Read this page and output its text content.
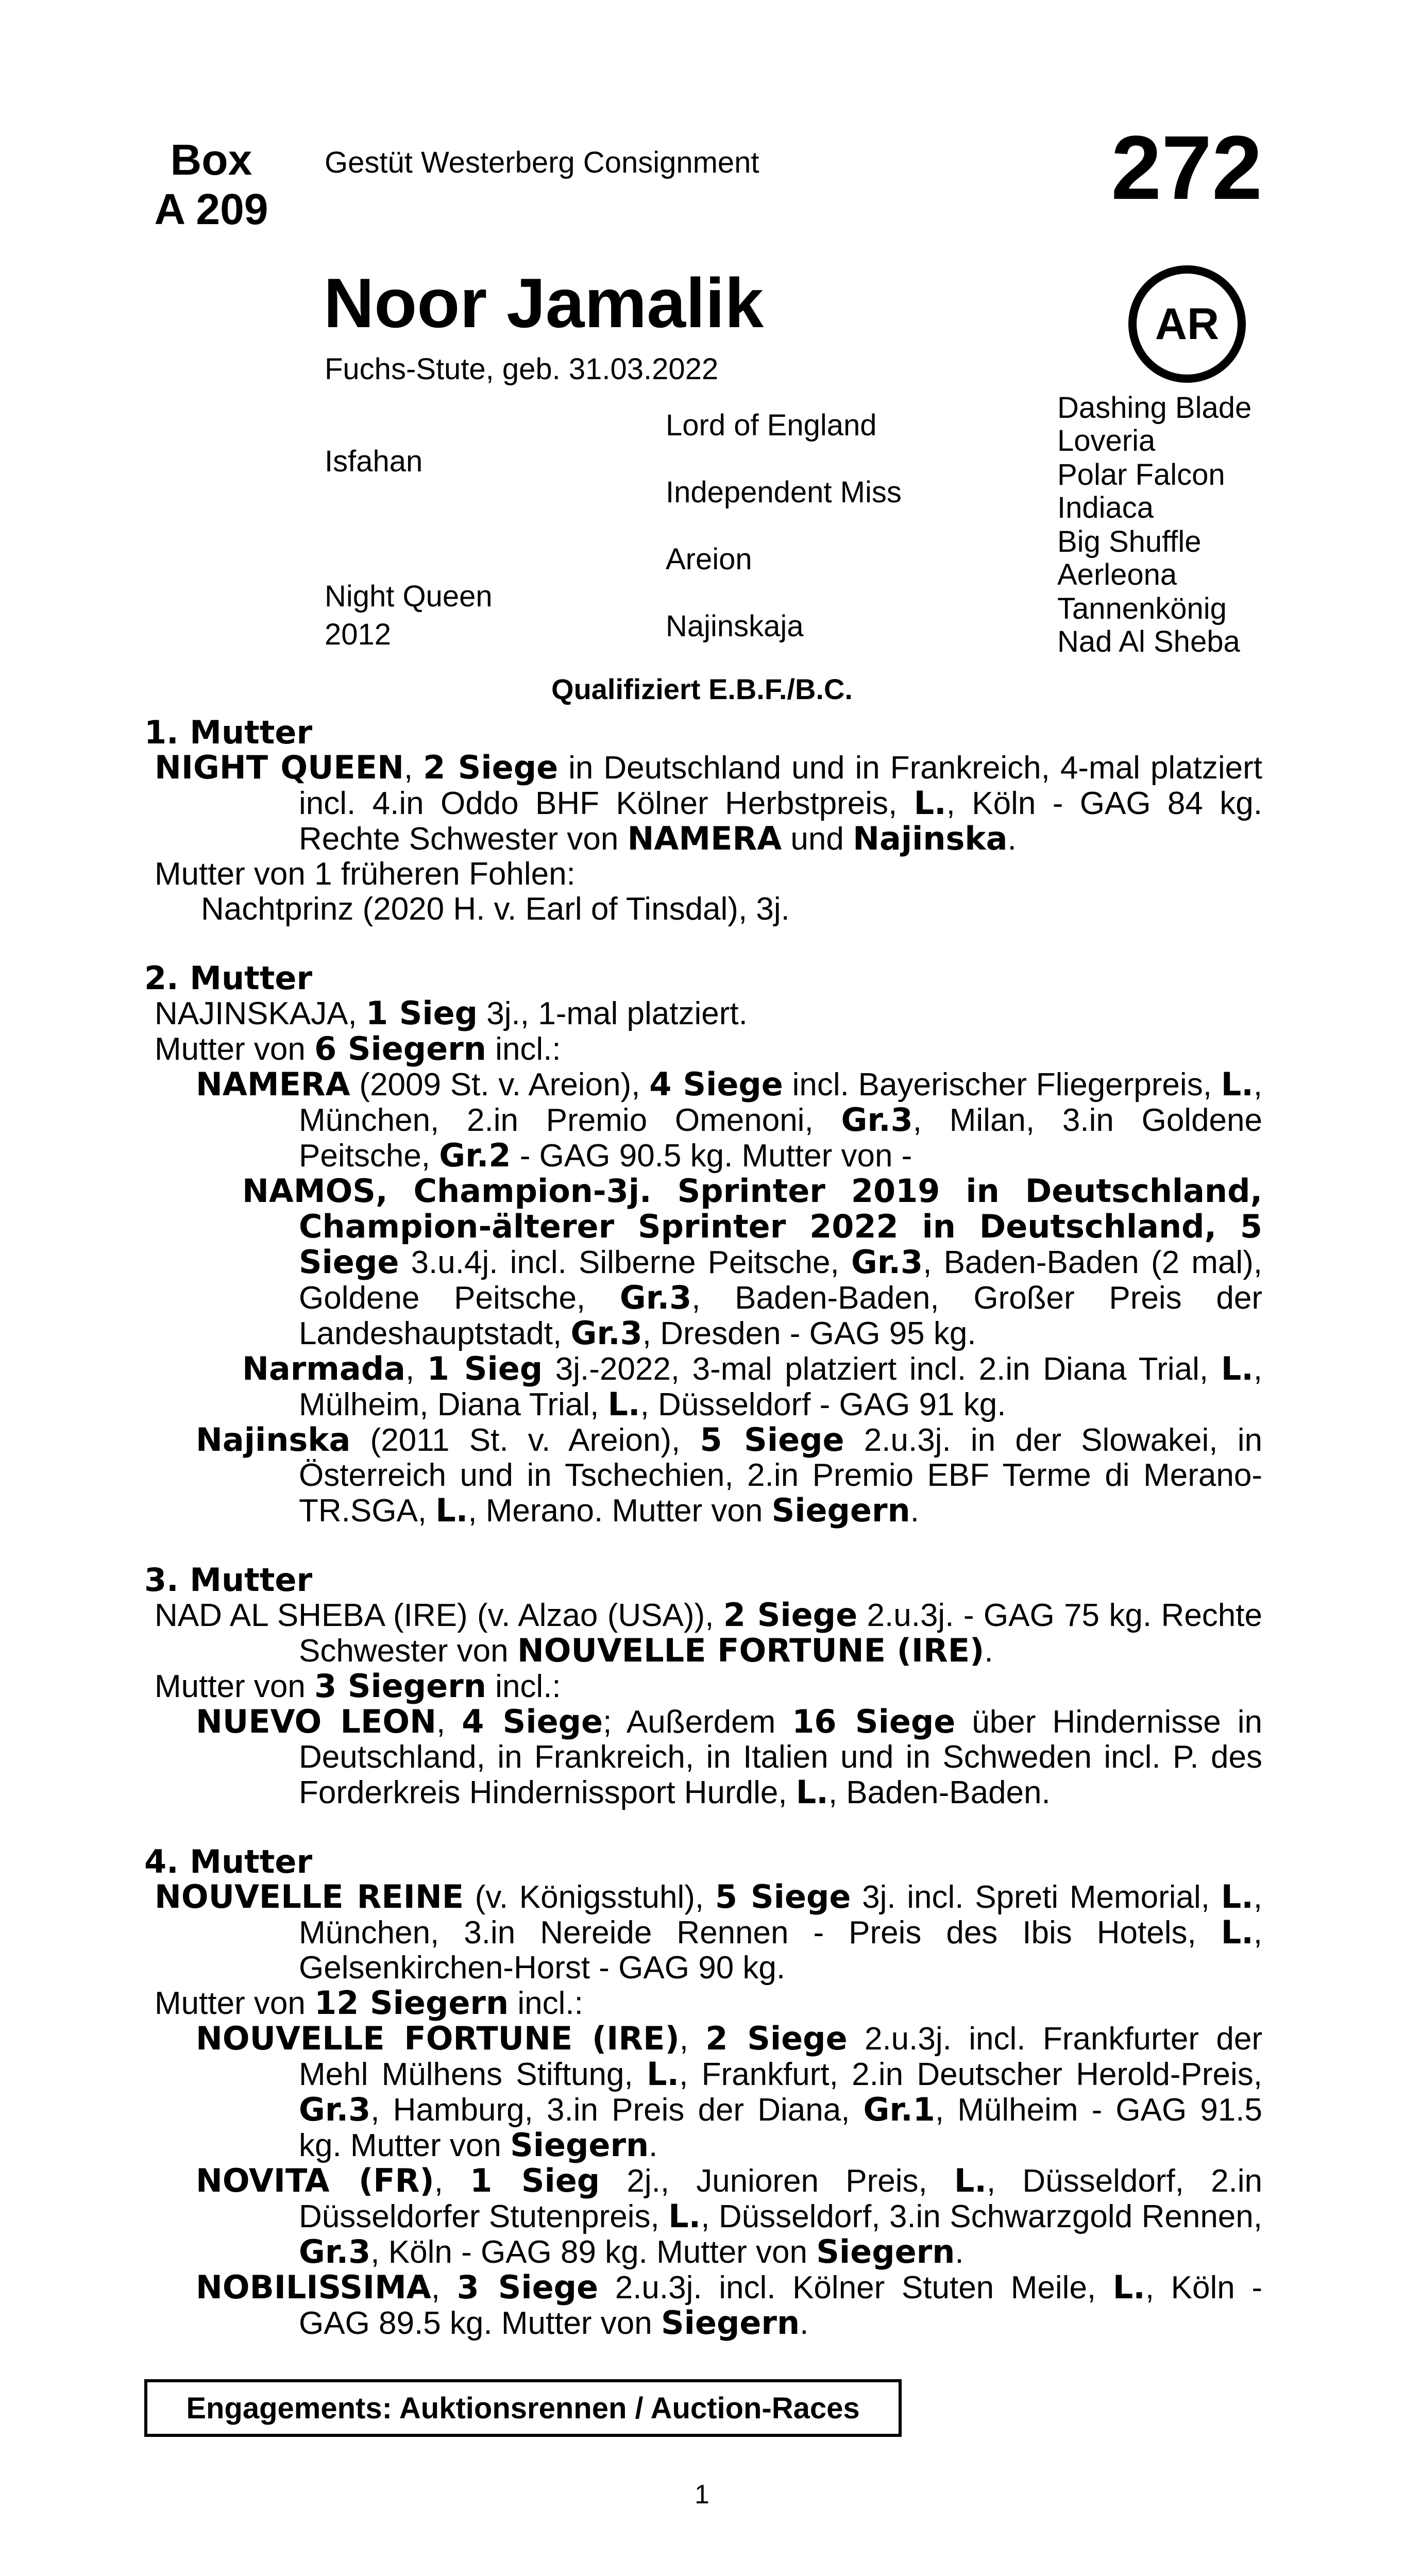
Box
A 209
Gestüt Westerberg Consignment	272
AR
Noor Jamalik
Fuchs-Stute, geb. 31.03.2022
Isfahan
Night Queen
2012
Lord of England
Independent Miss
Areion
Najinskaja
Dashing Blade
Loveria
Polar Falcon
Indiaca
Big Shuffle
Aerleona
Tannenkönig
Nad Al Sheba
Qualifiziert E.B.F./B.C.
1. Mutter
NIGHT QUEEN, 2 Siege in Deutschland und in Frankreich, 4-mal platziert incl. 4.in Oddo BHF Kölner Herbstpreis, L., Köln - GAG 84 kg. Rechte Schwester von NAMERA und Najinska.
Mutter von 1 früheren Fohlen:
Nachtprinz (2020 H. v. Earl of Tinsdal), 3j.
2. Mutter
NAJINSKAJA, 1 Sieg 3j., 1-mal platziert.
Mutter von 6 Siegern incl.:
NAMERA (2009 St. v. Areion), 4 Siege incl. Bayerischer Fliegerpreis, L., München, 2.in Premio Omenoni, Gr.3, Milan, 3.in Goldene Peitsche, Gr.2 - GAG 90.5 kg. Mutter von -
NAMOS, Champion-3j. Sprinter 2019 in Deutschland, Champion-älterer Sprinter 2022 in Deutschland, 5 Siege 3.u.4j. incl. Silberne Peitsche, Gr.3, Baden-Baden (2 mal), Goldene Peitsche, Gr.3, Baden-Baden, Großer Preis der Landeshauptstadt, Gr.3, Dresden - GAG 95 kg.
Narmada, 1 Sieg 3j.-2022, 3-mal platziert incl. 2.in Diana Trial, L., Mülheim, Diana Trial, L., Düsseldorf - GAG 91 kg.
Najinska (2011 St. v. Areion), 5 Siege 2.u.3j. in der Slowakei, in Österreich und in Tschechien, 2.in Premio EBF Terme di Merano-TR.SGA, L., Merano. Mutter von Siegern.
3. Mutter
NAD AL SHEBA (IRE) (v. Alzao (USA)), 2 Siege 2.u.3j. - GAG 75 kg. Rechte Schwester von NOUVELLE FORTUNE (IRE).
Mutter von 3 Siegern incl.:
NUEVO LEON, 4 Siege; Außerdem 16 Siege über Hindernisse in Deutschland, in Frankreich, in Italien und in Schweden incl. P. des Forderkreis Hindernissport Hurdle, L., Baden-Baden.
4. Mutter
NOUVELLE REINE (v. Königsstuhl), 5 Siege 3j. incl. Spreti Memorial, L., München, 3.in Nereide Rennen - Preis des Ibis Hotels, L., Gelsenkirchen-Horst - GAG 90 kg.
Mutter von 12 Siegern incl.:
NOUVELLE FORTUNE (IRE), 2 Siege 2.u.3j. incl. Frankfurter der Mehl Mülhens Stiftung, L., Frankfurt, 2.in Deutscher Herold-Preis, Gr.3, Hamburg, 3.in Preis der Diana, Gr.1, Mülheim - GAG 91.5 kg. Mutter von Siegern.
NOVITA (FR), 1 Sieg 2j., Junioren Preis, L., Düsseldorf, 2.in Düsseldorfer Stutenpreis, L., Düsseldorf, 3.in Schwarzgold Rennen, Gr.3, Köln - GAG 89 kg. Mutter von Siegern.
NOBILISSIMA, 3 Siege 2.u.3j. incl. Kölner Stuten Meile, L., Köln - GAG 89.5 kg. Mutter von Siegern.
Engagements: Auktionsrennen / Auction-Races
1
